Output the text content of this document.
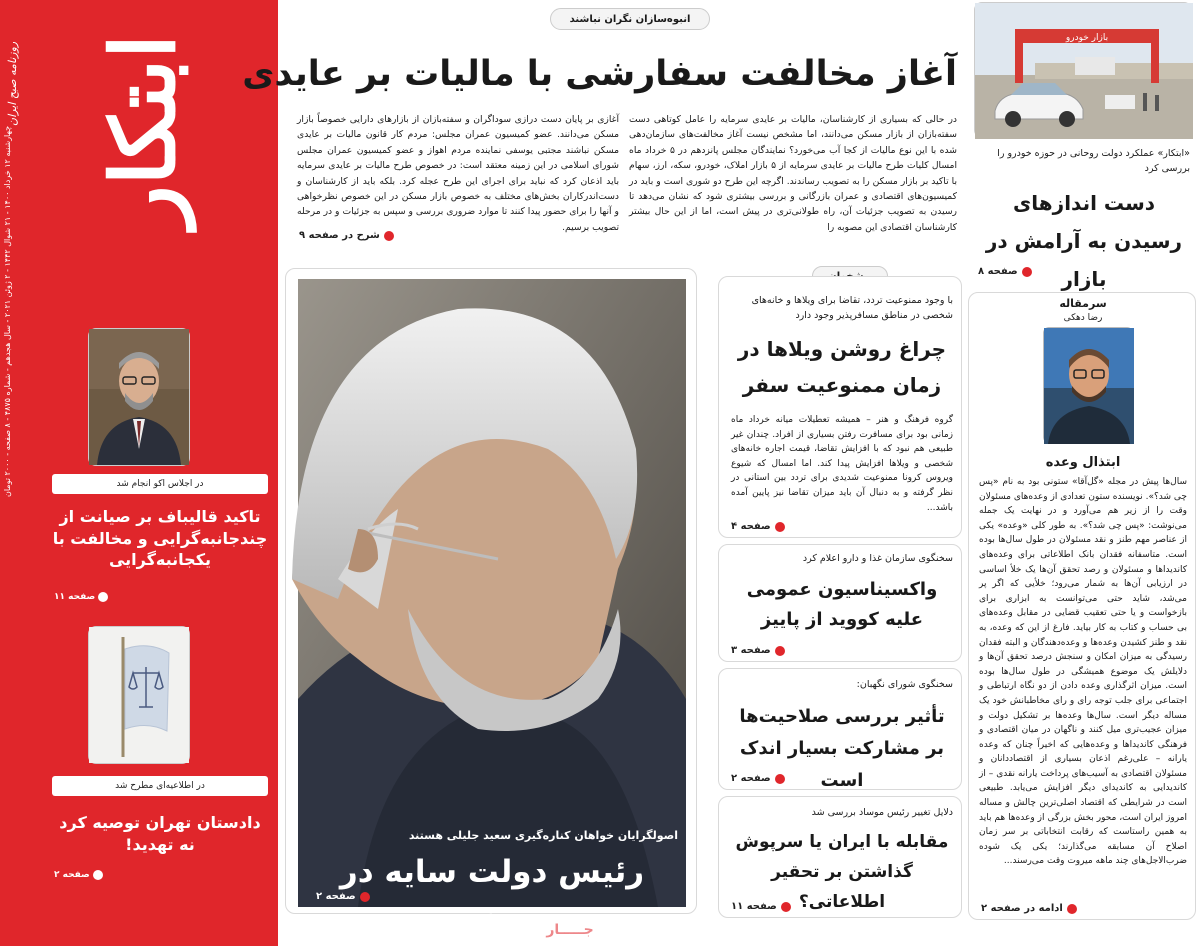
ابتکار
روزنامه صبح ایران
چهارشنبه ۱۲ خرداد ۱۴۰۰ - ۲۱ شوال ۱۴۴۲ - ۲ ژوئن ۲۰۲۱ - سال هجدهم - شماره ۴۸۷۵ - ۸ صفحه - ۲۰۰۰ تومان
در اجلاس اکو انجام شد
تاکید قالیباف بر صیانت از چندجانبه‌گرایی و مخالفت با یکجانبه‌گرایی
صفحه ۱۱
در اطلاعیه‌ای مطرح شد
دادستان تهران توصیه کرد نه تهدید!
صفحه ۲
انبوه‌سازان نگران نباشند
آغاز مخالفت سفارشی با مالیات بر عایدی
در حالی که بسیاری از کارشناسان، مالیات بر عایدی سرمایه را عامل کوتاهی دست سفته‌بازان از بازار مسکن می‌دانند، اما مشخص نیست آغاز مخالفت‌های سازمان‌دهی شده با این نوع مالیات از کجا آب می‌خورد؟ نمایندگان مجلس پانزدهم در ۵ خرداد ماه امسال کلیات طرح مالیات بر عایدی سرمایه از ۵ بازار املاک، خودرو، سکه، ارز، سهام با تاکید بر بازار مسکن را به تصویب رساندند. اگرچه این طرح دو شوری است و باید در کمیسیون‌های اقتصادی و عمران بازرگانی و بررسی بیشتری شود که نشان می‌دهد تا رسیدن به تصویب جزئیات آن، راه طولانی‌تری در پیش است، اما از این حال بیشتر کارشناسان اقتصادی این مصوبه را
آغازی بر پایان دست درازی سوداگران و سفته‌بازان از بازارهای دارایی خصوصاً بازار مسکن می‌دانند. عضو کمیسیون عمران مجلس: مردم کار قانون مالیات بر عایدی مسکن نباشند مجتبی یوسفی نماینده مردم اهواز و عضو کمیسیون عمران مجلس شورای اسلامی در این زمینه معتقد است: در خصوص طرح مالیات بر عایدی سرمایه باید اذعان کرد که نباید برای اجرای این طرح عجله کرد. بلکه باید از کارشناسان و دست‌اندرکاران بخش‌های مختلف به خصوص بازار مسکن در این خصوص نظرخواهی و آنها را برای حضور پیدا کنند تا موارد ضروری بررسی و سپس به جزئیات و در مرحله تصویب برسیم.
شرح در صفحه ۹
بازار خودرو
«ابتکار» عملکرد دولت روحانی در حوزه خودرو را بررسی کرد
دست اندازهای رسیدن به آرامش در بازار
صفحه ۸
اصولگرایان خواهان کناره‌گیری سعید جلیلی هستند
رئیس دولت سایه در برزخ
صفحه ۲
با وجود ممنوعیت تردد، تقاضا برای ویلاها و خانه‌های شخصی در مناطق مسافرپذیر وجود دارد
چراغ روشن ویلاها در زمان ممنوعیت سفر
گروه فرهنگ و هنر – همیشه تعطیلات میانه خرداد ماه زمانی بود برای مسافرت رفتن بسیاری از افراد. چندان غیر طبیعی هم نبود که با افزایش تقاضا، قیمت اجاره خانه‌های شخصی و ویلاها افزایش پیدا کند. اما امسال که شیوع ویروس کرونا ممنوعیت شدیدی برای تردد بین استانی در نظر گرفته و به دنبال آن باید میزان تقاضا نیز پایین آمده باشد...
صفحه ۴
سخنگوی سازمان غذا و دارو اعلام کرد
واکسیناسیون عمومی علیه کووید از پاییز
صفحه ۳
سخنگوی شورای نگهبان:
تأثیر بررسی صلاحیت‌ها بر مشارکت بسیار اندک است
صفحه ۲
دلایل تغییر رئیس موساد بررسی شد
مقابله با ایران یا سرپوش گذاشتن بر تحقیر اطلاعاتی؟
صفحه ۱۱
سرمقاله
رضا دهکی
ابتذال وعده
سال‌ها پیش در مجله «گل‌آقا» ستونی بود به نام «پس چی شد؟». نویسنده ستون تعدادی از وعده‌های مسئولان وقت را از زیر هم می‌آورد و در نهایت یک جمله می‌نوشت: «پس چی شد؟». به طور کلی «وعده» یکی از عناصر مهم طنز و نقد مسئولان در طول سال‌ها بوده است. متاسفانه فقدان بانک اطلاعاتی برای وعده‌های کاندیداها و مسئولان و رصد تحقق آن‌ها یک خلأ اساسی در ارزیابی آن‌ها به شمار می‌رود؛ خلأیی که اگر پر می‌شد، شاید حتی می‌توانست به ابزاری برای بازخواست و یا حتی تعقیب قضایی در مقابل وعده‌های بی حساب و کتاب به کار بیاید. فارغ از این که وعده، به نقد و طنز کشیدن وعده‌ها و وعده‌دهندگان و البته فقدان رسیدگی به میزان امکان و سنجش درصد تحقق آن‌ها و دلایلش یک موضوع همیشگی در طول سال‌ها بوده است. میزان اثرگذاری وعده دادن از دو نگاه ارتباطی و اجتماعی برای جلب توجه رای و رای مخاطبانش خود یک مساله دیگر است. سال‌ها وعده‌ها بر تشکیل دولت و میزان عجیب‌تری میل کنند و ناگهان در میان اقتصادی و فرهنگی کاندیداها و وعده‌هایی که اخیراً چنان که وعده یارانه – علی‌رغم اذعان بسیاری از اقتصاددانان و مسئولان اقتصادی به آسیب‌های پرداخت یارانه نقدی – از کاندیدایی به کاندیدای دیگر افزایش می‌یابد. طبیعی است در شرایطی که اقتصاد اصلی‌ترین چالش و مساله امروز ایران است، محور بخش بزرگی از وعده‌ها هم باید به همین راستاست که رقابت انتخاباتی بر سر زمان اصلاح آن مسابقه می‌گذارند؛ یکی یک شوده ضرب‌الاجل‌های چند ماهه میروت وقت می‌رسند...
ادامه در صفحه ۲
جـــــار
